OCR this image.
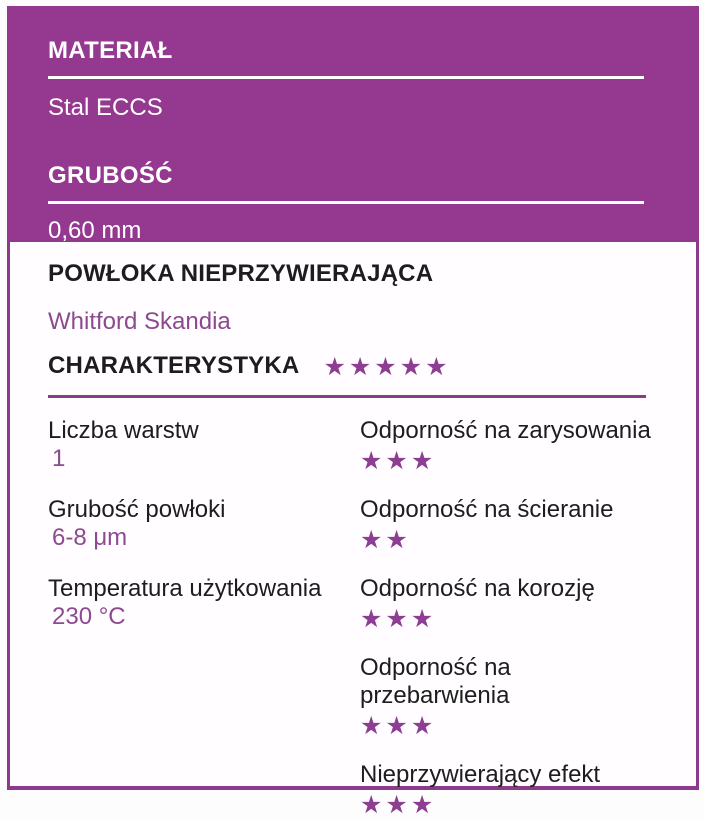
MATERIAŁ
Stal ECCS
GRUBOŚĆ
0,60 mm
POWŁOKA NIEPRZYWIERAJĄCA
Whitford Skandia
CHARAKTERYSTYKA ★★★★★
Liczba warstw
1
Odporność na zarysowania
★★★
Grubość powłoki
6-8 μm
Odporność na ścieranie
★★
Temperatura użytkowania
230 °C
Odporność na korozję
★★★
Odporność na przebarwienia
★★★
Nieprzywierający efekt
★★★
